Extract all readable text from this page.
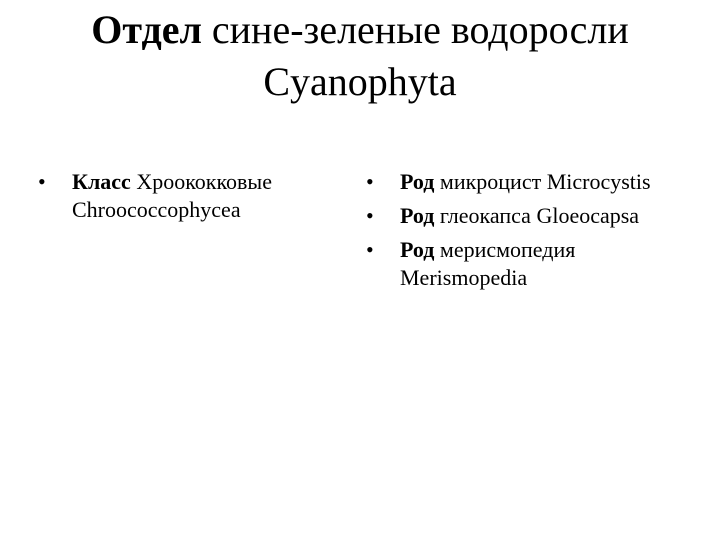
Отдел сине-зеленые водоросли
Cyanophyta
• Класс Хроококковые Chroococcophycea
• Род микроцист Microcystis
• Род глеокапса Gloeocapsa
• Род мерисмопедия Merismopedia
